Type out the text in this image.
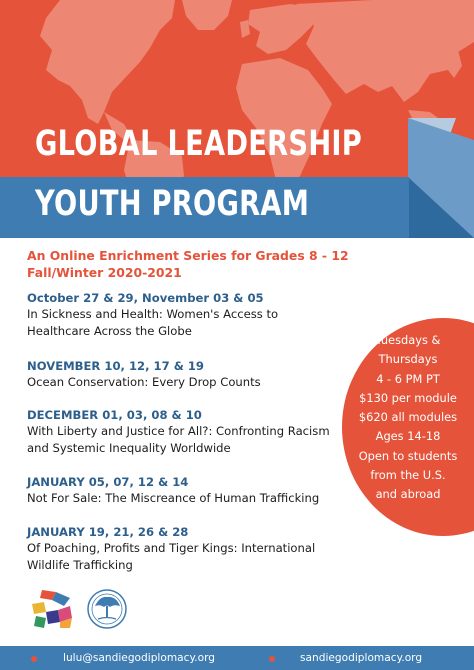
GLOBAL LEADERSHIP
YOUTH PROGRAM
An Online Enrichment Series for Grades 8 - 12
Fall/Winter 2020-2021
October 27 & 29, November 03 & 05
In Sickness and Health: Women's Access to
Healthcare Across the Globe
NOVEMBER 10, 12, 17 & 19
Ocean Conservation: Every Drop Counts
DECEMBER 01, 03, 08 & 10
With Liberty and Justice for All?: Confronting Racism
and Systemic Inequality Worldwide
JANUARY 05, 07, 12 & 14
Not For Sale: The Miscreance of Human Trafficking
JANUARY 19, 21, 26 & 28
Of Poaching, Profits and Tiger Kings: International
Wildlife Trafficking
Tuesdays &
Thursdays
4 - 6 PM PT
$130 per module
$620 all modules
Ages 14-18
Open to students
from the U.S.
and abroad
lulu@sandiegodiplomacy.org	sandiegodiplomacy.org
